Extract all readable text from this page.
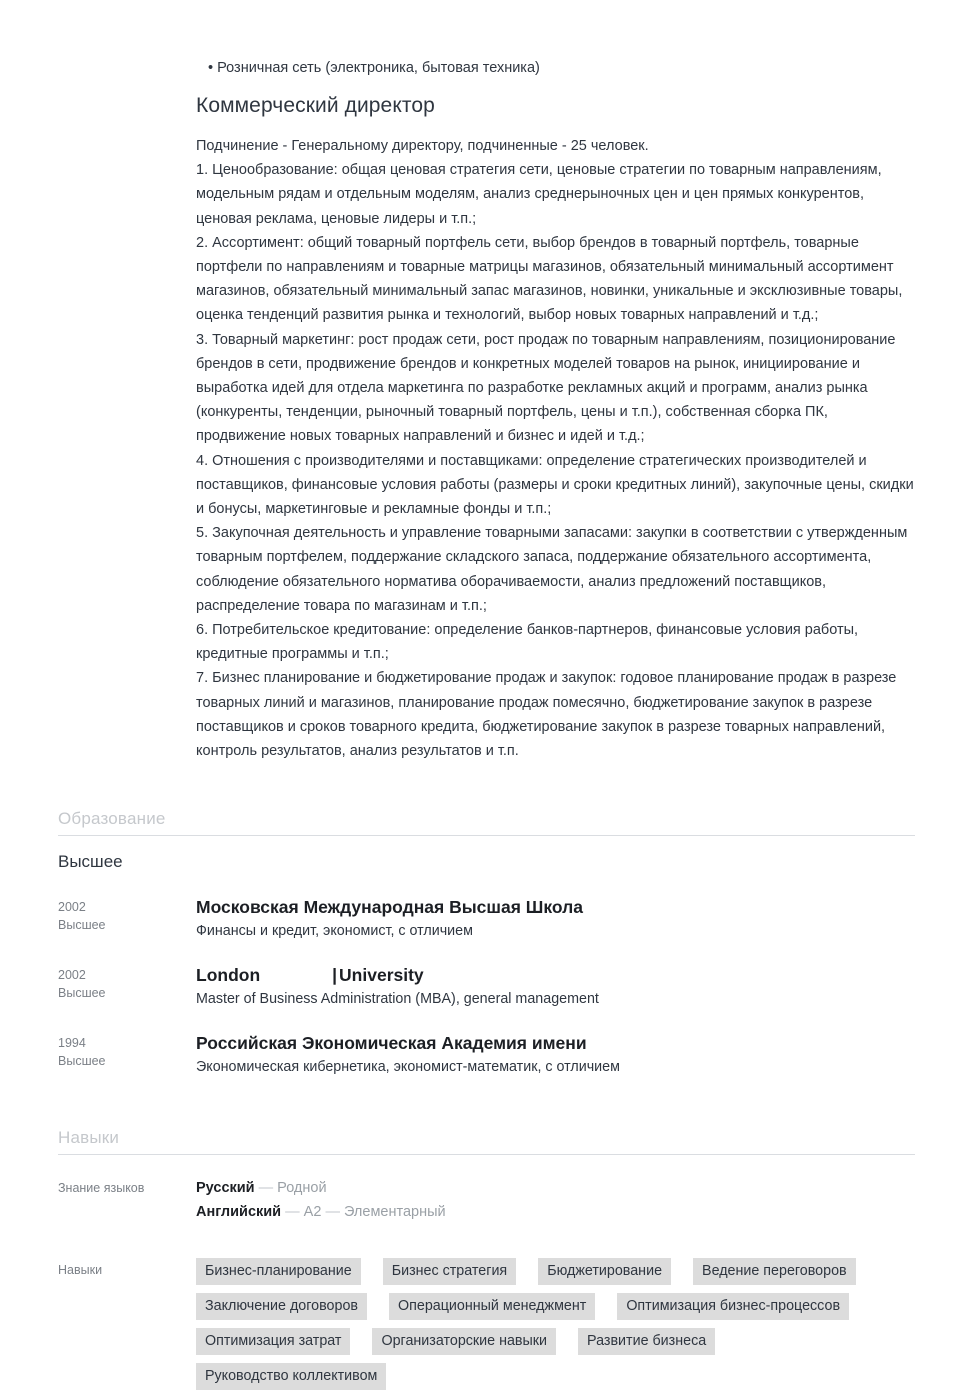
• Розничная сеть (электроника, бытовая техника)
Коммерческий директор

Подчинение - Генеральному директору, подчиненные - 25 человек.

1. Ценообразование: общая ценовая стратегия сети, ценовые стратегии по товарным направлениям, модельным рядам и отдельным моделям, анализ среднерыночных цен и цен прямых конкурентов, ценовая реклама, ценовые лидеры и т.п.;

2. Ассортимент: общий товарный портфель сети, выбор брендов в товарный портфель, товарные портфели по направлениям и товарные матрицы магазинов, обязательный минимальный ассортимент магазинов, обязательный минимальный запас магазинов, новинки, уникальные и эксклюзивные товары, оценка тенденций развития рынка и технологий, выбор новых товарных направлений и т.д.;

3. Товарный маркетинг: рост продаж сети, рост продаж по товарным направлениям, позиционирование брендов в сети, продвижение брендов и конкретных моделей товаров на рынок, инициирование и выработка идей для отдела маркетинга по разработке рекламных акций и программ, анализ рынка (конкуренты, тенденции, рыночный товарный портфель, цены и т.п.), собственная сборка ПК, продвижение новых товарных направлений и бизнес и идей и т.д.;

4. Отношения с производителями и поставщиками: определение стратегических производителей и поставщиков, финансовые условия работы (размеры и сроки кредитных линий), закупочные цены, скидки и бонусы, маркетинговые и рекламные фонды и т.п.;

5. Закупочная деятельность и управление товарными запасами: закупки в соответствии с утвержденным товарным портфелем, поддержание складского запаса, поддержание обязательного ассортимента, соблюдение обязательного норматива оборачиваемости, анализ предложений поставщиков, распределение товара по магазинам и т.п.;

6. Потребительское кредитование: определение банков-партнеров, финансовые условия работы, кредитные программы и т.п.;

7. Бизнес планирование и бюджетирование продаж и закупок: годовое планирование продаж в разрезе товарных линий и магазинов, планирование продаж помесячно, бюджетирование закупок в разрезе поставщиков и сроков товарного кредита, бюджетирование закупок в разрезе товарных направлений, контроль результатов, анализ результатов и т.п.

Образование
Высшее
2002
Высшее
Московская Международная Высшая Школа
Финансы и кредит, экономист, с отличием
2002
Высшее
London	| University
Master of Business Administration (MBA), general management
1994
Высшее
Российская Экономическая Академия имени
Экономическая кибернетика, экономист-математик, с отличием
Навыки
Знание языков	Русский — Родной
Английский — A2 — Элементарный
Навыки	Бизнес-планирование	Бизнес стратегия	Бюджетирование	Ведение переговоров
Заключение договоров	Операционный менеджмент	Оптимизация бизнес-процессов
Оптимизация затрат	Организаторские навыки	Развитие бизнеса
Руководство коллективом
